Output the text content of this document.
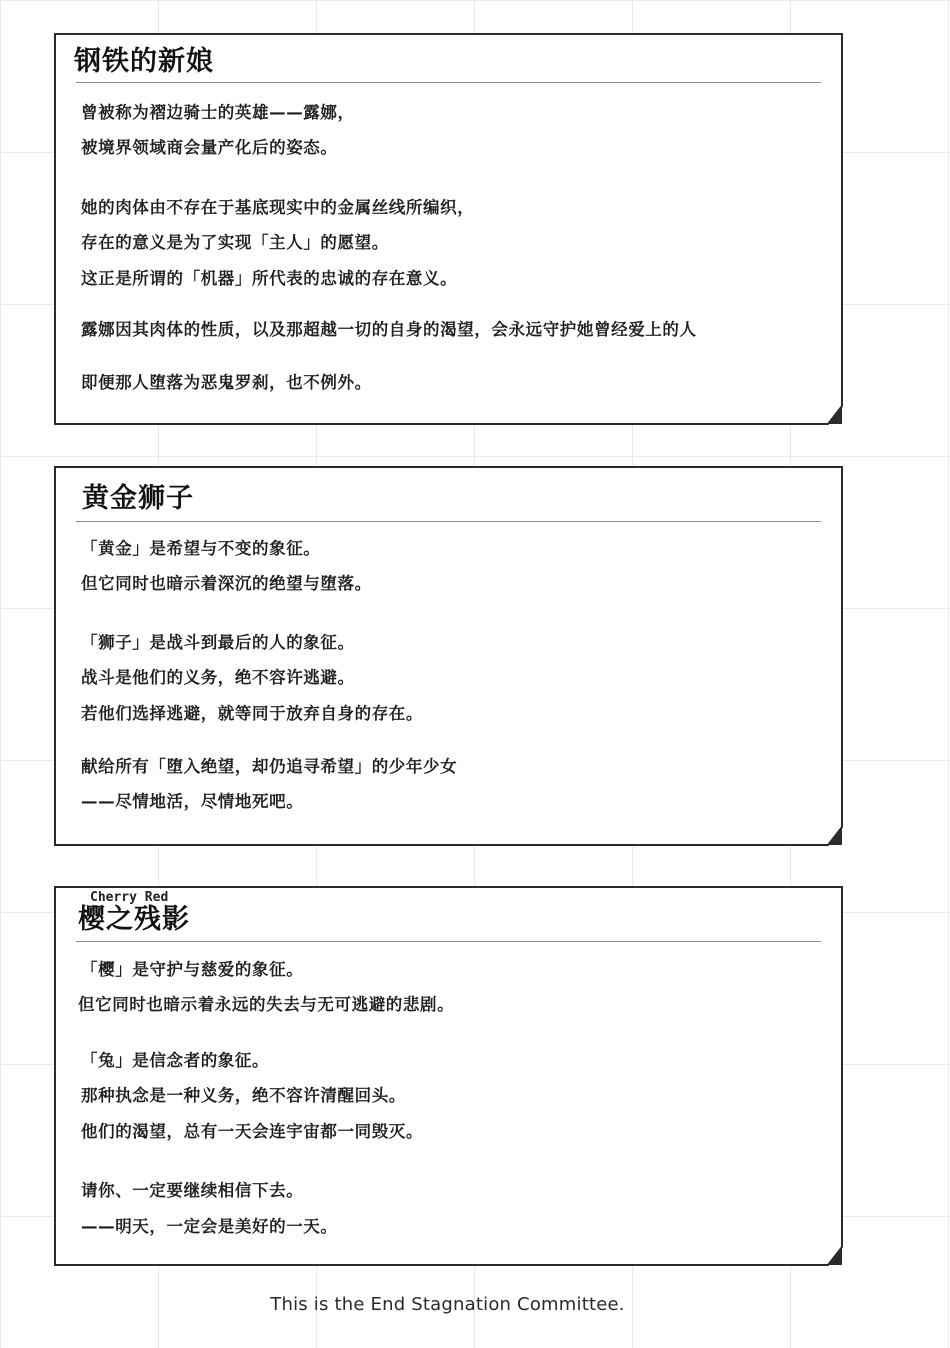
钢铁的新娘

曾被称为褶边骑士的英雄——露娜，

被境界领域商会量产化后的姿态。

她的肉体由不存在于基底现实中的金属丝线所编织，

存在的意义是为了实现「主人」的愿望。

这正是所谓的「机器」所代表的忠诚的存在意义。

露娜因其肉体的性质，以及那超越一切的自身的渴望，会永远守护她曾经爱上的人

即便那人堕落为恶鬼罗刹，也不例外。

黄金狮子

「黄金」是希望与不变的象征。

但它同时也暗示着深沉的绝望与堕落。

「狮子」是战斗到最后的人的象征。

战斗是他们的义务，绝不容许逃避。

若他们选择逃避，就等同于放弃自身的存在。

献给所有「堕入绝望，却仍追寻希望」的少年少女

——尽情地活，尽情地死吧。

Cherry Red
樱之残影

「樱」是守护与慈爱的象征。

但它同时也暗示着永远的失去与无可逃避的悲剧。

「兔」是信念者的象征。

那种执念是一种义务，绝不容许清醒回头。

他们的渴望，总有一天会连宇宙都一同毁灭。

请你、一定要继续相信下去。

——明天，一定会是美好的一天。

This is the End Stagnation Committee.
